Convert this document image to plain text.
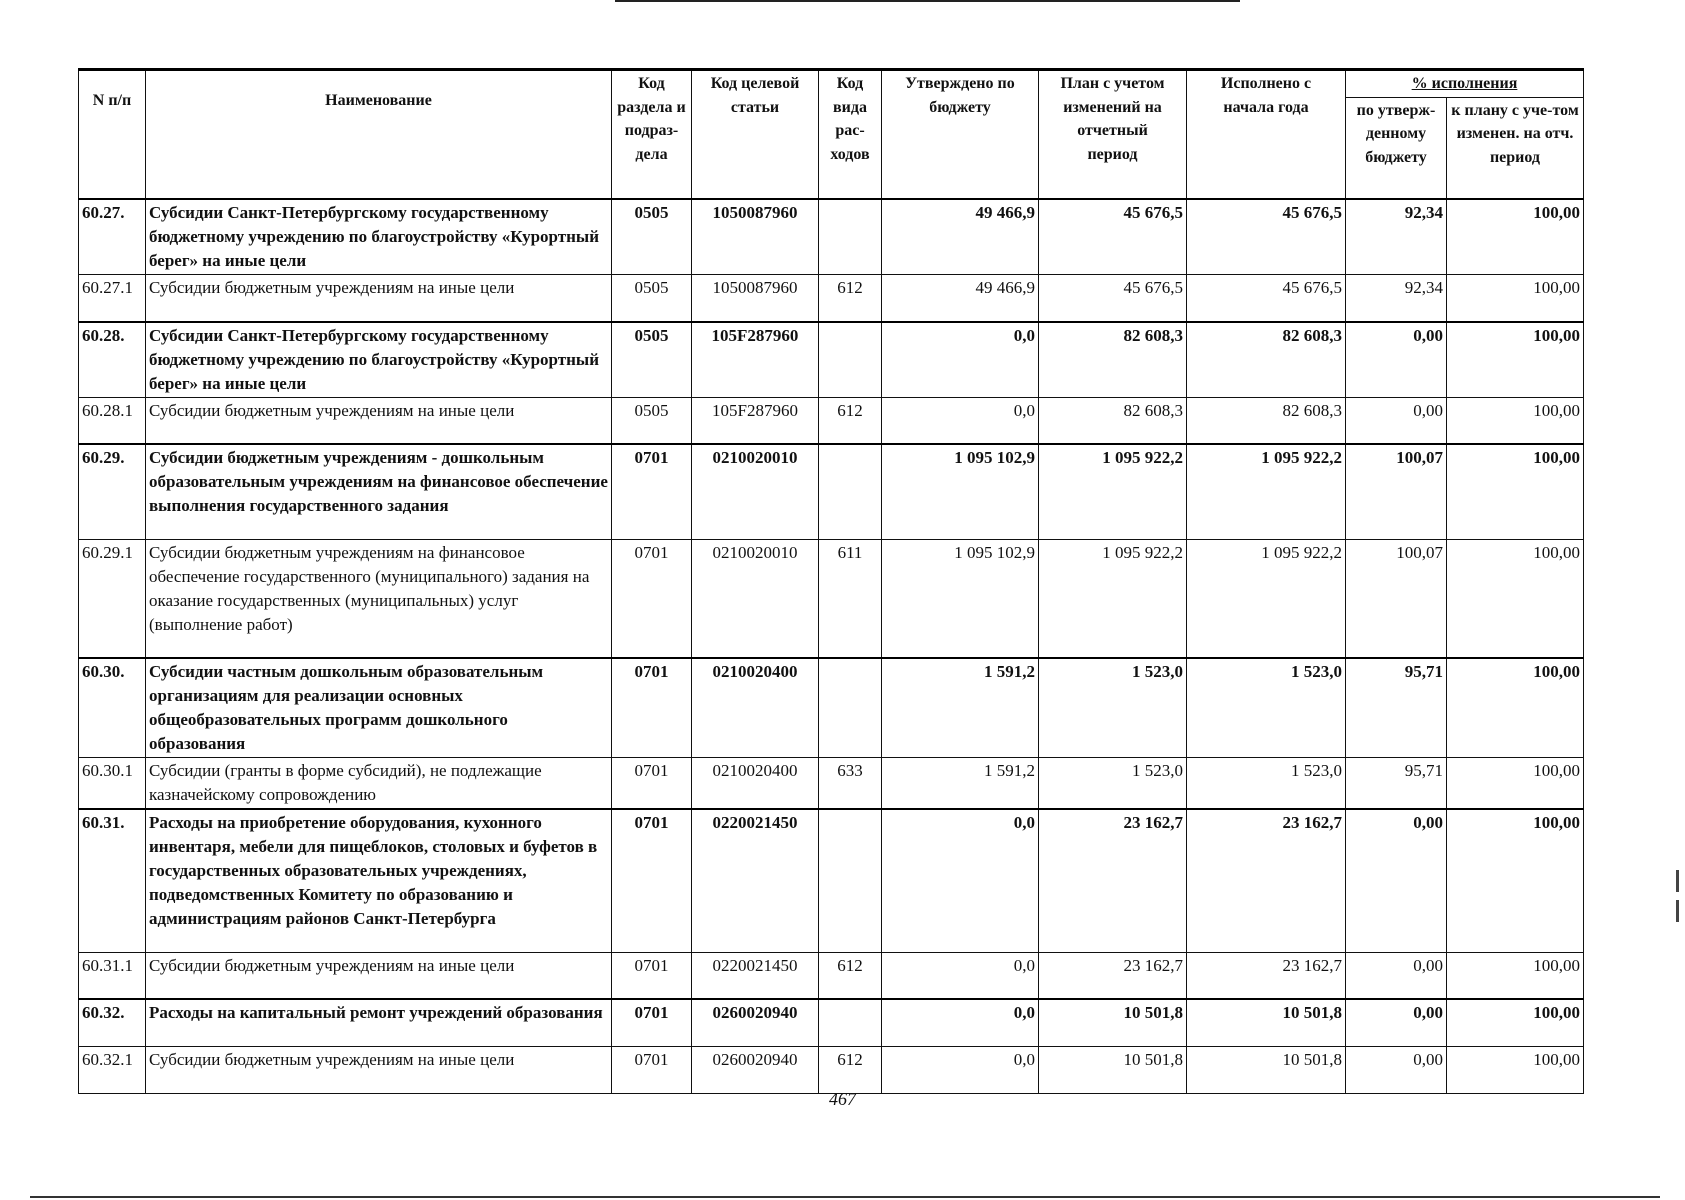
N п/п	Наименование	Код раздела и подраз-дела	Код целевой статьи	Код вида рас-ходов	Утверждено по бюджету	План с учетом изменений на отчетный период	Исполнено с начала года	% исполнения	
								по утверж-денному бюджету	к плану с уче-том изменен. на отч. период
60.27.	Субсидии Санкт-Петербургскому государственному бюджетному учреждению по благоустройству «Курортный берег» на иные цели	0505	1050087960		49 466,9	45 676,5	45 676,5	92,34	100,00
60.27.1	Субсидии бюджетным учреждениям на иные цели	0505	1050087960	612	49 466,9	45 676,5	45 676,5	92,34	100,00
60.28.	Субсидии Санкт-Петербургскому государственному бюджетному учреждению по благоустройству «Курортный берег» на иные цели	0505	105F287960		0,0	82 608,3	82 608,3	0,00	100,00
60.28.1	Субсидии бюджетным учреждениям на иные цели	0505	105F287960	612	0,0	82 608,3	82 608,3	0,00	100,00
60.29.	Субсидии бюджетным учреждениям - дошкольным образовательным учреждениям на финансовое обеспечение выполнения государственного задания	0701	0210020010		1 095 102,9	1 095 922,2	1 095 922,2	100,07	100,00
60.29.1	Субсидии бюджетным учреждениям на финансовое обеспечение государственного (муниципального) задания на оказание государственных (муниципальных) услуг (выполнение работ)	0701	0210020010	611	1 095 102,9	1 095 922,2	1 095 922,2	100,07	100,00
60.30.	Субсидии частным дошкольным образовательным организациям для реализации основных общеобразовательных программ дошкольного образования	0701	0210020400		1 591,2	1 523,0	1 523,0	95,71	100,00
60.30.1	Субсидии (гранты в форме субсидий), не подлежащие казначейскому сопровождению	0701	0210020400	633	1 591,2	1 523,0	1 523,0	95,71	100,00
60.31.	Расходы на приобретение оборудования, кухонного инвентаря, мебели для пищеблоков, столовых и буфетов в государственных образовательных учреждениях, подведомственных Комитету по образованию и администрациям районов Санкт-Петербурга	0701	0220021450		0,0	23 162,7	23 162,7	0,00	100,00
60.31.1	Субсидии бюджетным учреждениям на иные цели	0701	0220021450	612	0,0	23 162,7	23 162,7	0,00	100,00
60.32.	Расходы на капитальный ремонт учреждений образования	0701	0260020940		0,0	10 501,8	10 501,8	0,00	100,00
60.32.1	Субсидии бюджетным учреждениям на иные цели	0701	0260020940	612	0,0	10 501,8	10 501,8	0,00	100,00
467
